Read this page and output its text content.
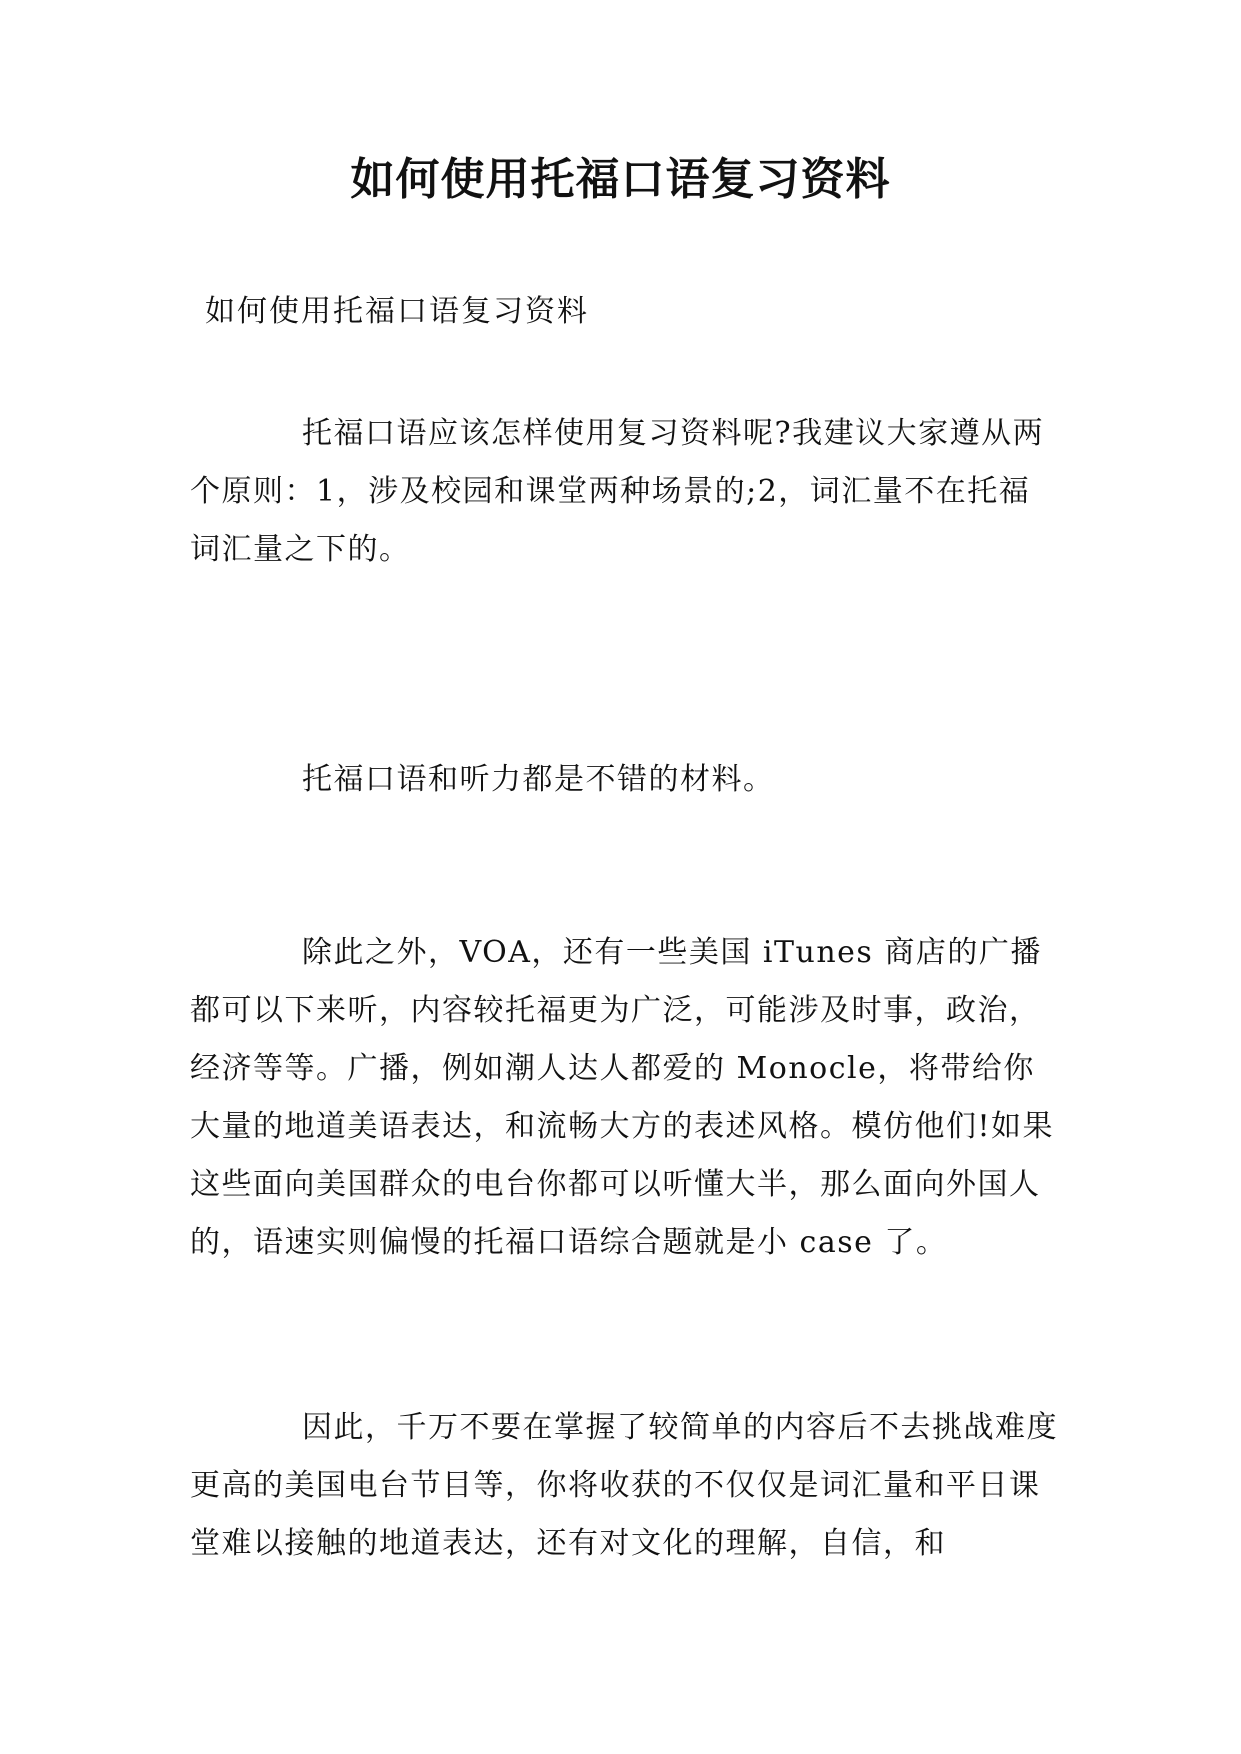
如何使用托福口语复习资料

如何使用托福口语复习资料

托福口语应该怎样使用复习资料呢?我建议大家遵从两个原则：1，涉及校园和课堂两种场景的;2，词汇量不在托福词汇量之下的。

托福口语和听力都是不错的材料。

除此之外，VOA，还有一些美国 iTunes 商店的广播都可以下来听，内容较托福更为广泛，可能涉及时事，政治，经济等等。广播，例如潮人达人都爱的 Monocle，将带给你大量的地道美语表达，和流畅大方的表述风格。模仿他们!如果这些面向美国群众的电台你都可以听懂大半，那么面向外国人的，语速实则偏慢的托福口语综合题就是小 case 了。

因此，千万不要在掌握了较简单的内容后不去挑战难度更高的美国电台节目等，你将收获的不仅仅是词汇量和平日课堂难以接触的地道表达，还有对文化的理解，自信，和
